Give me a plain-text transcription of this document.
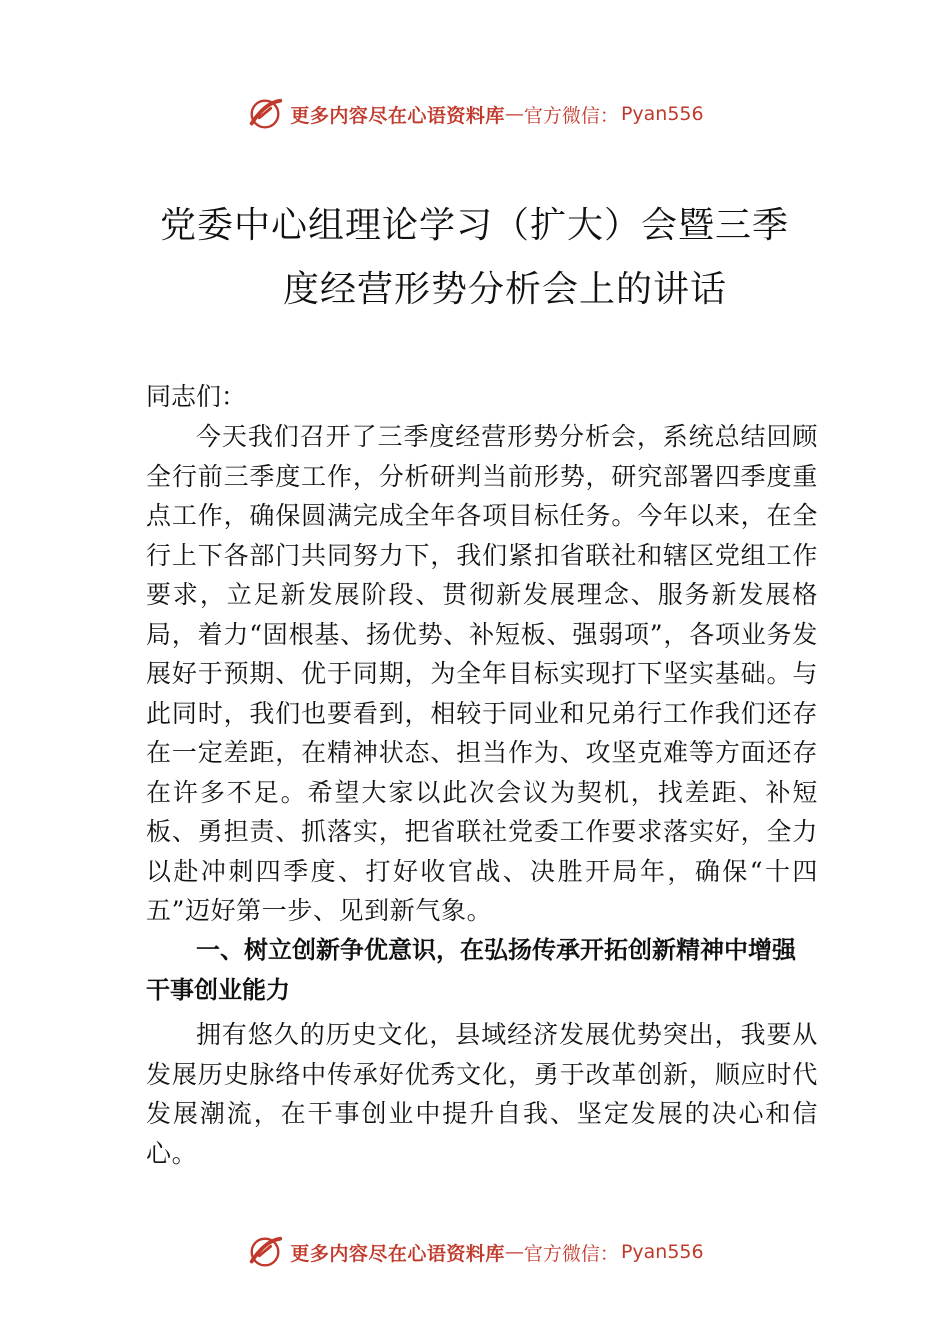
更多内容尽在心语资料库 — 官方微信： Pyan556
党委中心组理论学习（扩大）会暨三季
度经营形势分析会上的讲话
同志们：
今天我们召开了三季度经营形势分析会，系统总结回顾全行前三季度工作，分析研判当前形势，研究部署四季度重点工作，确保圆满完成全年各项目标任务。今年以来，在全行上下各部门共同努力下，我们紧扣省联社和辖区党组工作要求，立足新发展阶段、贯彻新发展理念、服务新发展格局，着力“固根基、扬优势、补短板、强弱项”，各项业务发展好于预期、优于同期，为全年目标实现打下坚实基础。与此同时，我们也要看到，相较于同业和兄弟行工作我们还存在一定差距，在精神状态、担当作为、攻坚克难等方面还存在许多不足。希望大家以此次会议为契机，找差距、补短板、勇担责、抓落实，把省联社党委工作要求落实好，全力以赴冲刺四季度、打好收官战、决胜开局年，确保“十四五”迈好第一步、见到新气象。
一、树立创新争优意识，在弘扬传承开拓创新精神中增强干事创业能力
拥有悠久的历史文化，县域经济发展优势突出，我要从发展历史脉络中传承好优秀文化，勇于改革创新，顺应时代发展潮流，在干事创业中提升自我、坚定发展的决心和信心。
更多内容尽在心语资料库 — 官方微信： Pyan556
